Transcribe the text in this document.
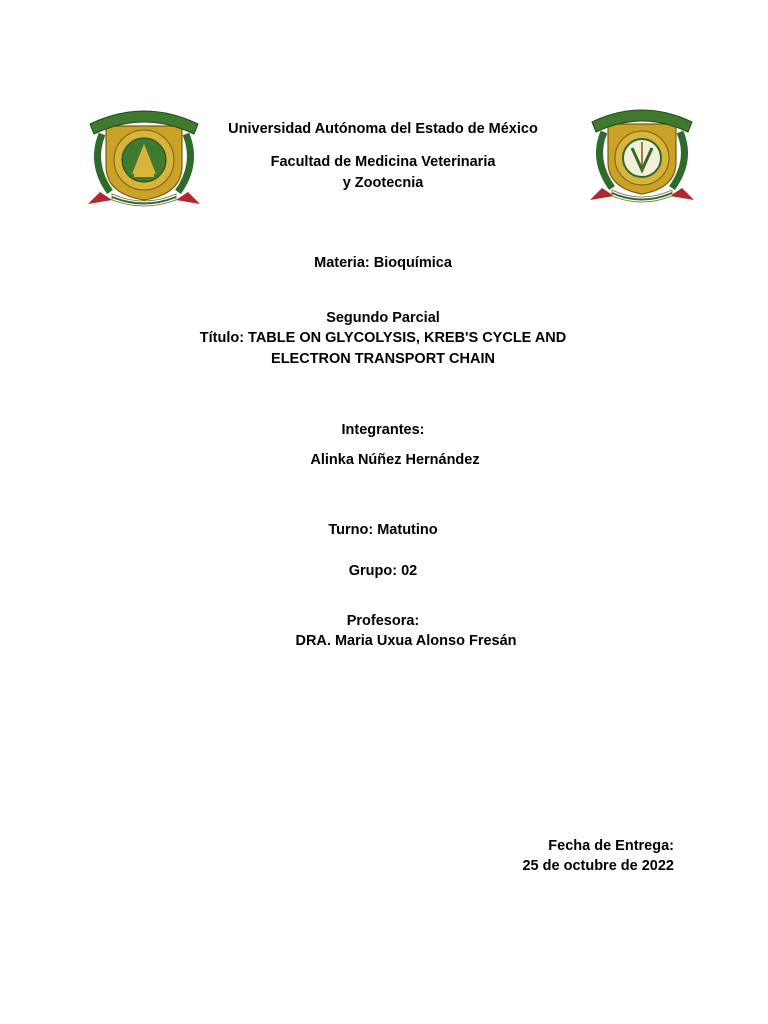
Universidad Autónoma del Estado de México
Facultad de Medicina Veterinaria
y Zootecnia
Materia: Bioquímica
Segundo Parcial
Título: TABLE ON GLYCOLYSIS, KREB'S CYCLE AND
ELECTRON TRANSPORT CHAIN
Integrantes:
Alinka Núñez Hernández
Turno: Matutino
Grupo: 02
Profesora:
DRA. Maria Uxua Alonso Fresán
Fecha de Entrega:
25 de octubre de 2022
